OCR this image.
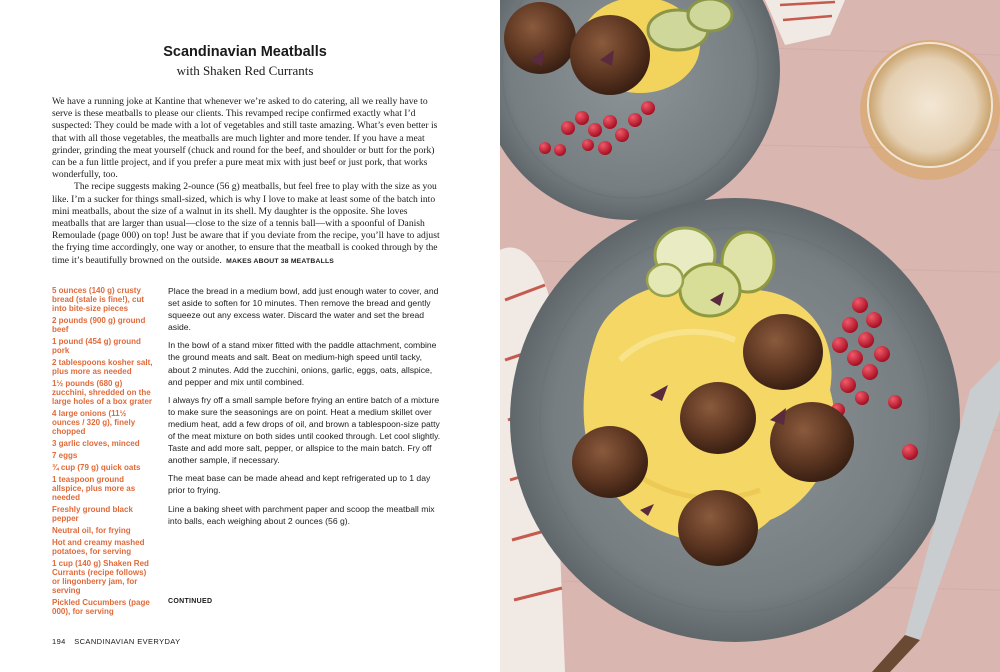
Scandinavian Meatballs
with Shaken Red Currants

We have a running joke at Kantine that whenever we’re asked to do catering, all we really have to serve is these meatballs to please our clients. This revamped recipe confirmed exactly what I’d suspected: They could be made with a lot of vegetables and still taste amazing. What’s even better is that with all those vegetables, the meatballs are much lighter and more tender. If you have a meat grinder, grinding the meat yourself (chuck and round for the beef, and shoulder or butt for the pork) can be a fun little project, and if you prefer a pure meat mix with just beef or just pork, that works wonderfully, too.

The recipe suggests making 2-ounce (56 g) meatballs, but feel free to play with the size as you like. I’m a sucker for things small-sized, which is why I love to make at least some of the batch into mini meatballs, about the size of a walnut in its shell. My daughter is the opposite. She loves meatballs that are larger than usual—close to the size of a tennis ball—with a spoonful of Danish Remoulade (page 000) on top! Just be aware that if you deviate from the recipe, you’ll have to adjust the frying time accordingly, one way or another, to ensure that the meatball is cooked through by the time it’s beautifully browned on the outside. MAKES ABOUT 38 MEATBALLS

5 ounces (140 g) crusty bread (stale is fine!), cut into bite-size pieces
2 pounds (900 g) ground beef
1 pound (454 g) ground pork
2 tablespoons kosher salt, plus more as needed
1½ pounds (680 g) zucchini, shredded on the large holes of a box grater
4 large onions (11½ ounces / 320 g), finely chopped
3 garlic cloves, minced
7 eggs
¾ cup (79 g) quick oats
1 teaspoon ground allspice, plus more as needed
Freshly ground black pepper
Neutral oil, for frying
Hot and creamy mashed potatoes, for serving
1 cup (140 g) Shaken Red Currants (recipe follows) or lingonberry jam, for serving
Pickled Cucumbers (page 000), for serving

Place the bread in a medium bowl, add just enough water to cover, and set aside to soften for 10 minutes. Then remove the bread and gently squeeze out any excess water. Discard the water and set the bread aside.

In the bowl of a stand mixer fitted with the paddle attachment, combine the ground meats and salt. Beat on medium-high speed until tacky, about 2 minutes. Add the zucchini, onions, garlic, eggs, oats, allspice, and pepper and mix until combined.

I always fry off a small sample before frying an entire batch of a mixture to make sure the seasonings are on point. Heat a medium skillet over medium heat, add a few drops of oil, and brown a tablespoon-size patty of the meat mixture on both sides until cooked through. Let cool slightly. Taste and add more salt, pepper, or allspice to the main batch. Fry off another sample, if necessary.

The meat base can be made ahead and kept refrigerated up to 1 day prior to frying.

Line a baking sheet with parchment paper and scoop the meatball mix into balls, each weighing about 2 ounces (56 g).

CONTINUED
194 SCANDINAVIAN EVERYDAY
